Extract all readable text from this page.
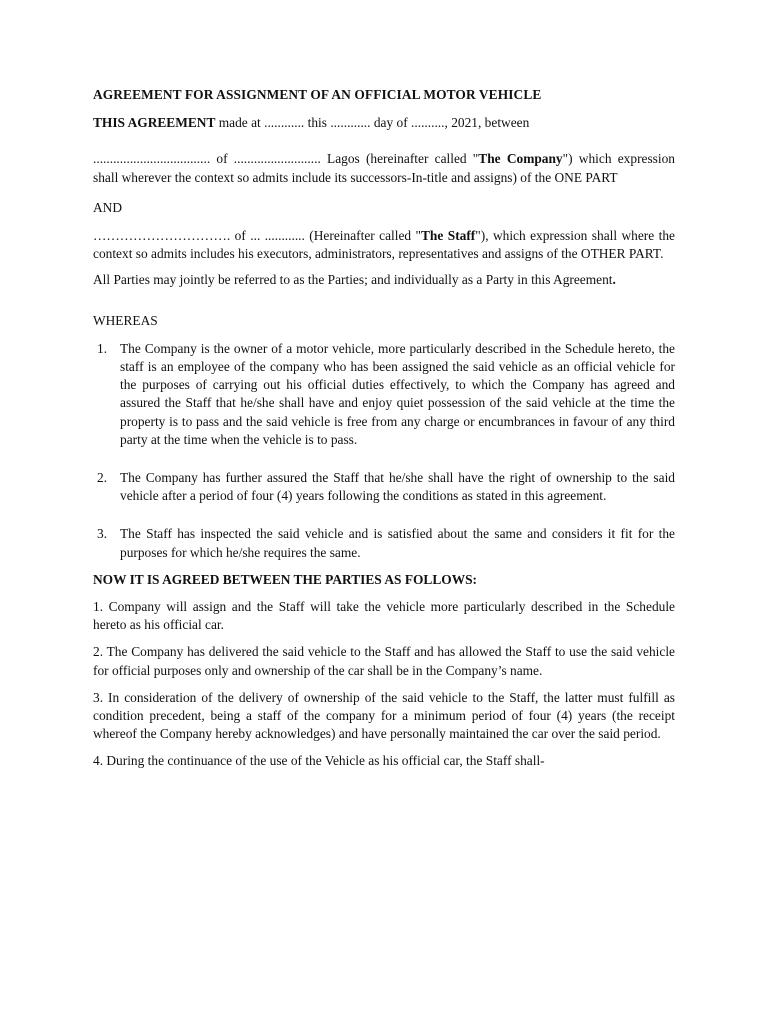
AGREEMENT FOR ASSIGNMENT OF AN OFFICIAL MOTOR VEHICLE

THIS AGREEMENT made at ............ this ............ day of .........., 2021, between

................................... of .......................... Lagos (hereinafter called "The Company") which expression shall wherever the context so admits include its successors-In-title and assigns) of the ONE PART

AND

…………………………. of ... ............ (Hereinafter called "The Staff"), which expression shall where the context so admits includes his executors, administrators, representatives and assigns of the OTHER PART.

All Parties may jointly be referred to as the Parties; and individually as a Party in this Agreement.

WHEREAS

1. The Company is the owner of a motor vehicle, more particularly described in the Schedule hereto, the staff is an employee of the company who has been assigned the said vehicle as an official vehicle for the purposes of carrying out his official duties effectively, to which the Company has agreed and assured the Staff that he/she shall have and enjoy quiet possession of the said vehicle at the time the property is to pass and the said vehicle is free from any charge or encumbrances in favour of any third party at the time when the vehicle is to pass.
2. The Company has further assured the Staff that he/she shall have the right of ownership to the said vehicle after a period of four (4) years following the conditions as stated in this agreement.
3. The Staff has inspected the said vehicle and is satisfied about the same and considers it fit for the purposes for which he/she requires the same.

NOW IT IS AGREED BETWEEN THE PARTIES AS FOLLOWS:

1. Company will assign and the Staff will take the vehicle more particularly described in the Schedule hereto as his official car.

2. The Company has delivered the said vehicle to the Staff and has allowed the Staff to use the said vehicle for official purposes only and ownership of the car shall be in the Company’s name.

3. In consideration of the delivery of ownership of the said vehicle to the Staff, the latter must fulfill as condition precedent, being a staff of the company for a minimum period of four (4) years (the receipt whereof the Company hereby acknowledges) and have personally maintained the car over the said period.

4. During the continuance of the use of the Vehicle as his official car, the Staff shall-
